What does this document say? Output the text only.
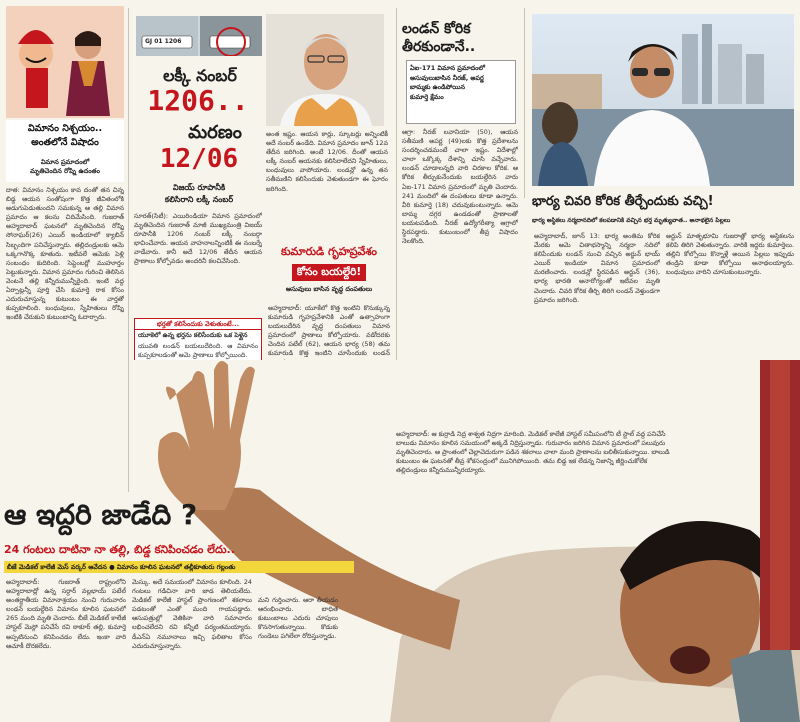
విమానం నిశ్చయం..
అంతలోనే విషాదం
విమాన ప్రమాదంలో
మృతిచెందిన రోష్ని ఉదంతం
దాత: విమానం నిశ్చయం కావ దంతో తన చిన్న బిడ్డ ఆయన సంతోషంగా కొత్త జీవితంలోకి అడుగుపెడుతుందని సమకున్న ఆ తల్లి విమాన ప్రమాదం ఆ కలను చిదిమేసింది. గుజరాత్ అహ్మదాబాద్ ఘటనలో మృతిచెందిన రోష్ని సోనాఘర్(26) ఎయిర్ ఇండియాలో క్యాబిన్ సిబ్బందిగా పనిచేస్తున్నారు. తల్లిదండ్రులకు ఆమె ఒక్కగానొక్క కూతురు. ఇటీవలే ఆమెకు పెళ్లి సంబంధం కుదిరింది. సెప్టెంబర్లో ముహూర్తం పెట్టుకున్నారు. విమాన ప్రమాదం గురించి తెలిసిన వెంటనే తల్లి కన్నీరుమున్నీరైంది. ఇంటి వద్ద ఏర్పాట్లన్నీ పూర్తి చేసి కుమార్తె రాక కోసం ఎదురుచూస్తున్న కుటుంబం ఈ వార్తతో కుప్పకూలింది. బంధువులు, స్నేహితులు రోష్ని ఇంటికి చేరుకుని కుటుంబాన్ని ఓదార్చారు.
GJ 01 1206
లక్కీ నంబర్
1206..
మరణం
12/06
విజయ్ రూపానీకి
కలిసిరాని లక్కీ నంబర్
సూరత్(సిటీ): ఎయిరిండియా విమాన ప్రమాదంలో మృతిచెందిన గుజరాత్ మాజీ ముఖ్యమంత్రి విజయ్ రూపానీకి 1206 నంబర్ లక్కీ నంబర్గా భావించేవారు. ఆయన వాహనాలన్నింటికీ ఈ నంబర్నే వాడేవారు. కానీ అదే 12/06 తేదీన ఆయన ప్రాణాలు కోల్పోవడం అందరినీ కలచివేసింది.
అంత ఇష్టం. ఆయన కార్లు, స్కూటర్లు అన్నింటికీ అదే నంబర్ ఉండేది. విమాన ప్రమాదం జూన్ 12వ తేదీన జరిగింది. అంటే 12/06. దీంతో ఆయన లక్కీ నంబర్ ఆయనకు కలిసిరాలేదని స్నేహితులు, బంధువులు వాపోయారు. లండన్లో ఉన్న తన సతీమణిని కలిసేందుకు వెళుతుండగా ఈ ఘోరం జరిగింది.
భర్తతో కలిసేందుకు వెళుతుంటే...
యూకెలో ఉన్న భర్తను కలిసేందుకు ఒక పెళ్లైన
యువతి లండన్ బయలుదేరింది. ఆ విమానం కుప్పకూలడంతో ఆమె ప్రాణాలు కోల్పోయింది.
కుమారుడి గృహప్రవేశం
కోసం బయల్దేరి!
అసువులు బాసిన వృద్ధ దంపతులు
అహ్మదాబాద్: యూకేలో కొత్త ఇంటిని కొనుక్కున్న కుమారుడి గృహప్రవేశానికి ఎంతో ఉత్సాహంగా బయలుదేరిన వృద్ధ దంపతులు విమాన ప్రమాదంలో ప్రాణాలు కోల్పోయారు. వడోదరకు చెందిన పటేల్ (62), ఆయన భార్య (58) తమ కుమారుడి కొత్త ఇంటిని చూసేందుకు లండన్
లండన్ కోరిక
తీరకుండానే..
ఏఐ-171 విమాన ప్రమాదంలో
అసువులుబాసిన నీరజ్, అపర్ణ
బామ్మకు ఉండిపోయిన
కుమార్తె క్షేమం
ఆగ్రా: నీరజ్ లవానియా (50), ఆయన సతీమణి అపర్ణ (49)లకు కొత్త ప్రదేశాలను సందర్శించడమంటే చాలా ఇష్టం. విదేశాల్లో చాలా ఒక్కొక్క దేశాన్ని చూసి వచ్చేవారు. లండన్ చూడాలన్నది వారి చిరకాల కోరిక. ఆ కోరిక తీర్చుకునేందుకు బయల్దేరిన వారు ఏఐ-171 విమాన ప్రమాదంలో మృతి చెందారు. 241 మందిలో ఈ దంపతులు కూడా ఉన్నారు. వీరి కుమార్తె (18) చదువుకుంటున్నారు. ఆమె బామ్మ దగ్గర ఉండడంతో ప్రాణాలతో బయటపడింది. నీరజ్ ఉద్యోగరీత్యా ఆగ్రాలో స్థిరపడ్డారు. కుటుంబంలో తీవ్ర విషాదం నెలకొంది.
భార్య చివరి కోరిక తీర్చేందుకు వచ్చి!
భార్య అస్థికలు నర్మదానదిలో కలపడానికి వచ్చిన భర్త మృత్యువాత.. అనాథలైన పిల్లలు
అహ్మదాబాద్, జూన్ 13: భార్య అంతిమ కోరిక మేరకు ఆమె చితాభస్మాన్ని నర్మదా నదిలో కలిపేందుకు లండన్ నుంచి వచ్చిన అర్జున్ భాయ్ ఎయిర్ ఇండియా విమాన ప్రమాదంలో మరణించారు. లండన్లో స్థిరపడిన అర్జున్ (36), భార్య భారతి అనారోగ్యంతో ఇటీవల మృతి చెందారు. చివరి కోరిక తీర్చి తిరిగి లండన్ వెళ్తుండగా ప్రమాదం జరిగింది.
అర్జున్ మాతృభూమి గుజరాత్లో భార్య అస్థికలను కలిపి తిరిగి వెళుతున్నారు. వారికి ఇద్దరు కుమార్తెలు. తల్లిని కోల్పోయి కొన్నాళ్లే అయిన పిల్లలు ఇప్పుడు తండ్రిని కూడా కోల్పోయి అనాథలయ్యారు. బంధువులు వారిని చూసుకుంటున్నారు.
అహ్మదాబాద్: ఆ కుర్రాడి నిద్ర శాశ్వత నిద్రగా మారింది. మెడికల్ కాలేజీ హాస్టల్ సమీపంలోని టీ స్టాల్ వద్ద పనిచేసే బాలుడు విమానం కూలిన సమయంలో అక్కడే నిద్రిస్తున్నాడు. గురువారం జరిగిన విమాన ప్రమాదంలో పలువురు మృతిచెందారు. ఆ ప్రాంతంలో చెల్లాచెదురుగా పడిన శకలాలు చాలా మంది ప్రాణాలను బలితీసుకున్నాయి. బాలుడి కుటుంబం ఈ ఘటనతో తీవ్ర శోకసంద్రంలో మునిగిపోయింది. తమ బిడ్డ ఇక లేడన్న నిజాన్ని జీర్ణించుకోలేక తల్లిదండ్రులు కన్నీరుమున్నీరయ్యారు.
ఆ ఇద్దరి జాడేది ?
24 గంటలు దాటినా నా తల్లి, బిడ్డ కనిపించడం లేదు..
బీజే మెడికల్ కాలేజీ మెస్ వర్కర్ ఆవేదన ● విమానం కూలిన ఘటనలో తల్లీకూతురు గల్లంతు
అహ్మదాబాద్: గుజరాత్ రాష్ట్రంలోని అహ్మదాబాద్లో ఉన్న సర్దార్ వల్లభాయ్ పటేల్ అంతర్జాతీయ విమానాశ్రయం నుంచి గురువారం లండన్ బయల్దేరిన విమానం కూలిన ఘటనలో 265 మంది మృతి చెందారు. బీజే మెడికల్ కాలేజీ హాస్టల్ మెస్లో పనిచేసే రవి ఠాకూర్ తల్లి, కుమార్తె అప్పటినుంచి కనిపించడం లేదు. ఇంకా వారి ఆచూకీ దొరకలేదు.
మెస్కు. అదే సమయంలో విమానం కూలింది. 24 గంటలు గడిచినా వారి జాడ తెలియలేదు. మెడికల్ కాలేజీ హాస్టల్ ప్రాంగణంలో శకలాలు పడటంతో ఎంతో మంది గాయపడ్డారు. ఆసుపత్రుల్లో వెతికినా వారి సమాచారం లభించలేదని రవి కన్నీటి పర్యంతమయ్యారు. డీఎన్ఏ నమూనాలు ఇచ్చి ఫలితాల కోసం ఎదురుచూస్తున్నారు.
మని గుర్తించారు. ఆరా తీయడం ఆరంభించారు. బాధిత కుటుంబాలు ఎదురు చూపులు కొనసాగుతున్నాయి. కొడుకు గుండెలు పగిలేలా రోదిస్తున్నాడు.
